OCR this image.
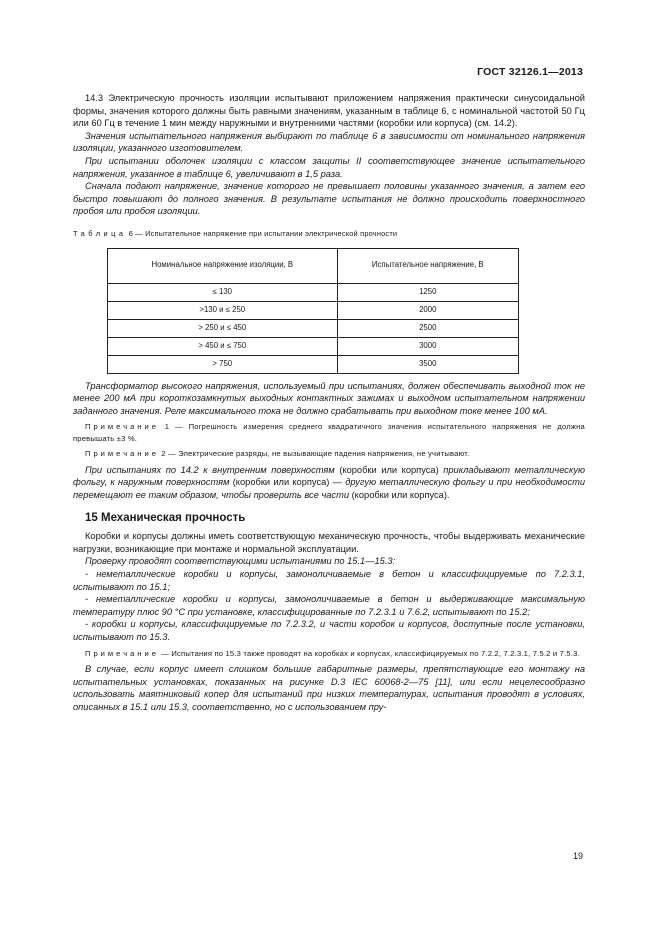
ГОСТ 32126.1—2013

14.3 Электрическую прочность изоляции испытывают приложением напряжения практически синусоидальной формы, значения которого должны быть равными значениям, указанным в таблице 6, с номинальной частотой 50 Гц или 60 Гц в течение 1 мин между наружными и внутренними частями (коробки или корпуса) (см. 14.2).

Значения испытательного напряжения выбирают по таблице 6 в зависимости от номинального напряжения изоляции, указанного изготовителем.

При испытании оболочек изоляции с классом защиты II соответствующее значение испытательного напряжения, указанное в таблице 6, увеличивают в 1,5 раза.

Сначала подают напряжение, значение которого не превышает половины указанного значения, а затем его быстро повышают до полного значения. В результате испытания не должно происходить поверхностного пробоя или пробоя изоляции.

Таблица 6 — Испытательное напряжение при испытании электрической прочности
Номинальное напряжение изоляции, В	Испытательное напряжение, В
≤ 130	1250
>130 и ≤ 250	2000
> 250 и ≤ 450	2500
> 450 и ≤ 750	3000
> 750	3500

Трансформатор высокого напряжения, используемый при испытаниях, должен обеспечивать выходной ток не менее 200 мА при короткозамкнутых выходных контактных зажимах и выходном испытательном напряжении заданного значения. Реле максимального тока не должно срабатывать при выходном токе менее 100 мА.

Примечание 1 — Погрешность измерения среднего квадратичного значения испытательного напряжения не должна превышать ±3 %.

Примечание 2 — Электрические разряды, не вызывающие падения напряжения, не учитывают.

При испытаниях по 14.2 к внутренним поверхностям (коробки или корпуса) прикладывают металлическую фольгу, к наружным поверхностям (коробки или корпуса) — другую металлическую фольгу и при необходимости перемещают ее таким образом, чтобы проверить все части (коробки или корпуса).

15 Механическая прочность

Коробки и корпусы должны иметь соответствующую механическую прочность, чтобы выдерживать механические нагрузки, возникающие при монтаже и нормальной эксплуатации.

Проверку проводят соответствующими испытаниями по 15.1—15.3:

- неметаллические коробки и корпусы, замоноличиваемые в бетон и классифицируемые по 7.2.3.1, испытывают по 15.1;

- неметаллические коробки и корпусы, замоноличиваемые в бетон и выдерживающие максимальную температуру плюс 90 °С при установке, классифицированные по 7.2.3.1 и 7.6.2, испытывают по 15.2;

- коробки и корпусы, классифицируемые по 7.2.3.2, и части коробок и корпусов, доступные после установки, испытывают по 15.3.

Примечание — Испытания по 15.3 также проводят на коробках и корпусах, классифицируемых по 7.2.2, 7.2.3.1, 7.5.2 и 7.5.3.

В случае, если корпус имеет слишком большие габаритные размеры, препятствующие его монтажу на испытательных установках, показанных на рисунке D.3 IEC 60068-2—75 [11], или если нецелесообразно использовать маятниковый копер для испытаний при низких температурах, испытания проводят в условиях, описанных в 15.1 или 15.3, соответственно, но с использованием пру-

19
